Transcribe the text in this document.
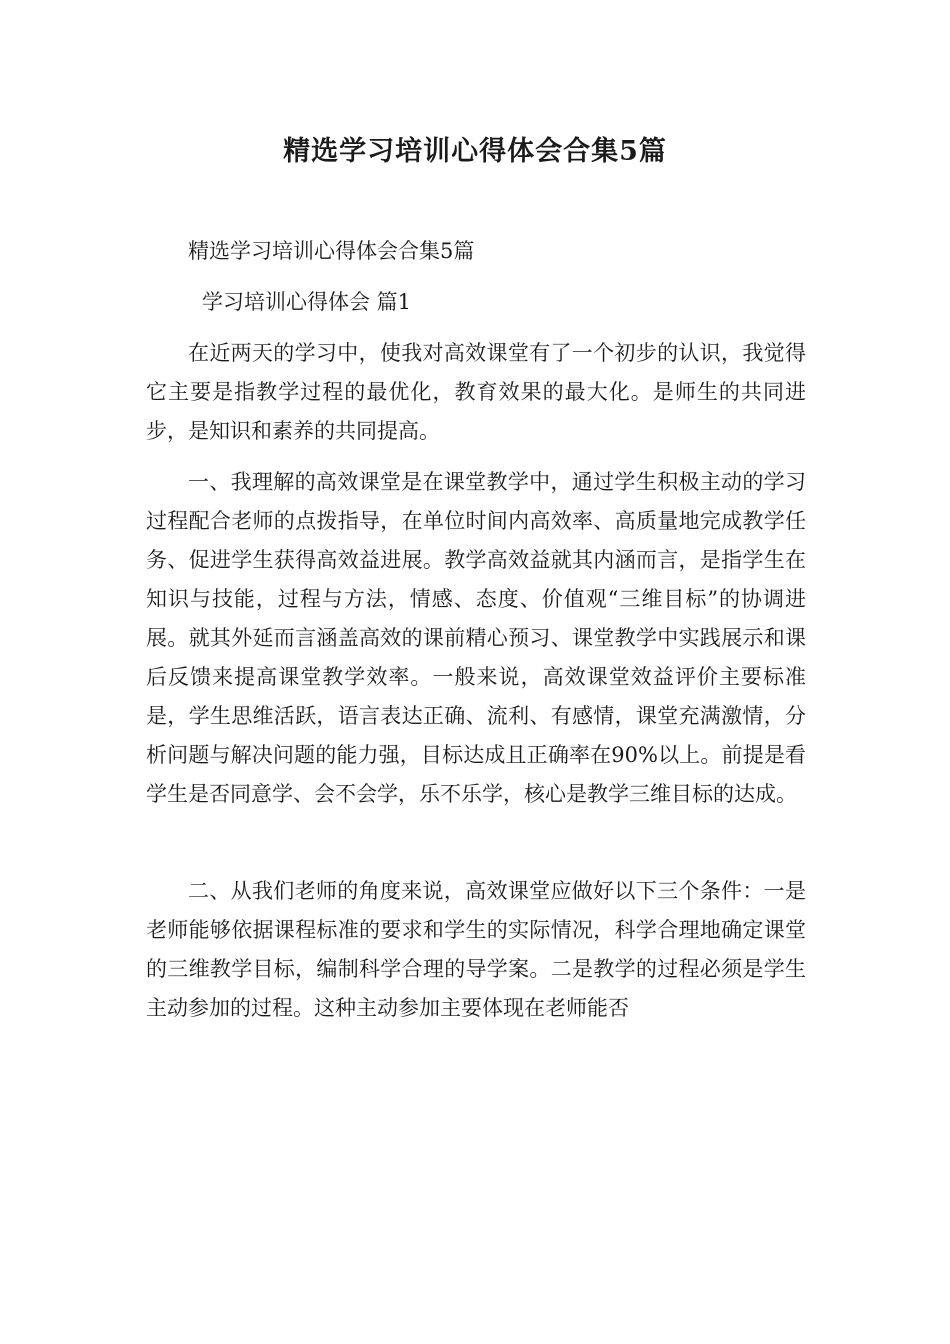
精选学习培训心得体会合集5篇

精选学习培训心得体会合集5篇

学习培训心得体会 篇1

在近两天的学习中，使我对高效课堂有了一个初步的认识，我觉得它主要是指教学过程的最优化，教育效果的最大化。是师生的共同进步，是知识和素养的共同提高。

一、我理解的高效课堂是在课堂教学中，通过学生积极主动的学习过程配合老师的点拨指导，在单位时间内高效率、高质量地完成教学任务、促进学生获得高效益进展。教学高效益就其内涵而言，是指学生在知识与技能，过程与方法，情感、态度、价值观“三维目标”的协调进展。就其外延而言涵盖高效的课前精心预习、课堂教学中实践展示和课后反馈来提高课堂教学效率。一般来说，高效课堂效益评价主要标准是，学生思维活跃，语言表达正确、流利、有感情，课堂充满激情，分析问题与解决问题的能力强，目标达成且正确率在90%以上。前提是看学生是否同意学、会不会学，乐不乐学，核心是教学三维目标的达成。

二、从我们老师的角度来说，高效课堂应做好以下三个条件：一是老师能够依据课程标准的要求和学生的实际情况，科学合理地确定课堂的三维教学目标，编制科学合理的导学案。二是教学的过程必须是学生主动参加的过程。这种主动参加主要体现在老师能否
